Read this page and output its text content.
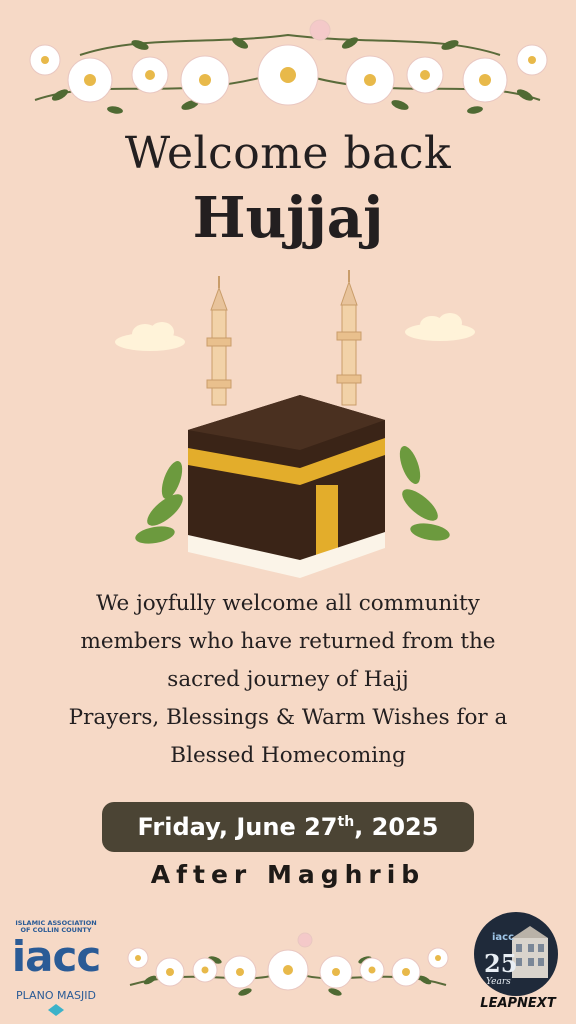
Welcome back
Hujjaj
We joyfully welcome all community
members who have returned from the
sacred journey of Hajj
Prayers, Blessings & Warm Wishes for a
Blessed Homecoming
Friday, June 27th, 2025
After Maghrib
ISLAMIC ASSOCIATION OF COLLIN COUNTY
iacc
PLANO MASJID
iacc
25
Years
LEAPNEXT
